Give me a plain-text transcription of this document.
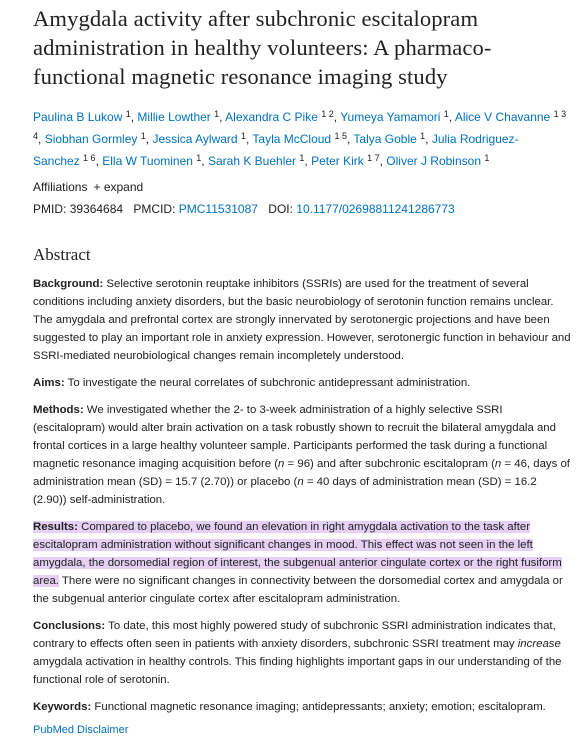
Amygdala activity after subchronic escitalopram administration in healthy volunteers: A pharmaco-functional magnetic resonance imaging study
Paulina B Lukow $^1$, Millie Lowther $^1$, Alexandra C Pike $^{1 2}$, Yumeya Yamamori $^1$, Alice V Chavanne $^{1 3 4}$, Siobhan Gormley $^1$, Jessica Aylward $^1$, Tayla McCloud $^{1 5}$, Talya Goble $^1$, Julia Rodriguez-Sanchez $^{1 6}$, Ella W Tuominen $^1$, Sarah K Buehler $^1$, Peter Kirk $^{1 7}$, Oliver J Robinson $^1$
Affiliations + expand
PMID: 39364684 PMCID: PMC11531087 DOI: 10.1177/02698811241286773
Abstract
Background: Selective serotonin reuptake inhibitors (SSRIs) are used for the treatment of several conditions including anxiety disorders, but the basic neurobiology of serotonin function remains unclear. The amygdala and prefrontal cortex are strongly innervated by serotonergic projections and have been suggested to play an important role in anxiety expression. However, serotonergic function in behaviour and SSRI-mediated neurobiological changes remain incompletely understood.
Aims: To investigate the neural correlates of subchronic antidepressant administration.
Methods: We investigated whether the 2- to 3-week administration of a highly selective SSRI (escitalopram) would alter brain activation on a task robustly shown to recruit the bilateral amygdala and frontal cortices in a large healthy volunteer sample. Participants performed the task during a functional magnetic resonance imaging acquisition before (n = 96) and after subchronic escitalopram (n = 46, days of administration mean (SD) = 15.7 (2.70)) or placebo (n = 40 days of administration mean (SD) = 16.2 (2.90)) self-administration.
Results: Compared to placebo, we found an elevation in right amygdala activation to the task after escitalopram administration without significant changes in mood. This effect was not seen in the left amygdala, the dorsomedial region of interest, the subgenual anterior cingulate cortex or the right fusiform area. There were no significant changes in connectivity between the dorsomedial cortex and amygdala or the subgenual anterior cingulate cortex after escitalopram administration.
Conclusions: To date, this most highly powered study of subchronic SSRI administration indicates that, contrary to effects often seen in patients with anxiety disorders, subchronic SSRI treatment may increase amygdala activation in healthy controls. This finding highlights important gaps in our understanding of the functional role of serotonin.
Keywords: Functional magnetic resonance imaging; antidepressants; anxiety; emotion; escitalopram.
PubMed Disclaimer
